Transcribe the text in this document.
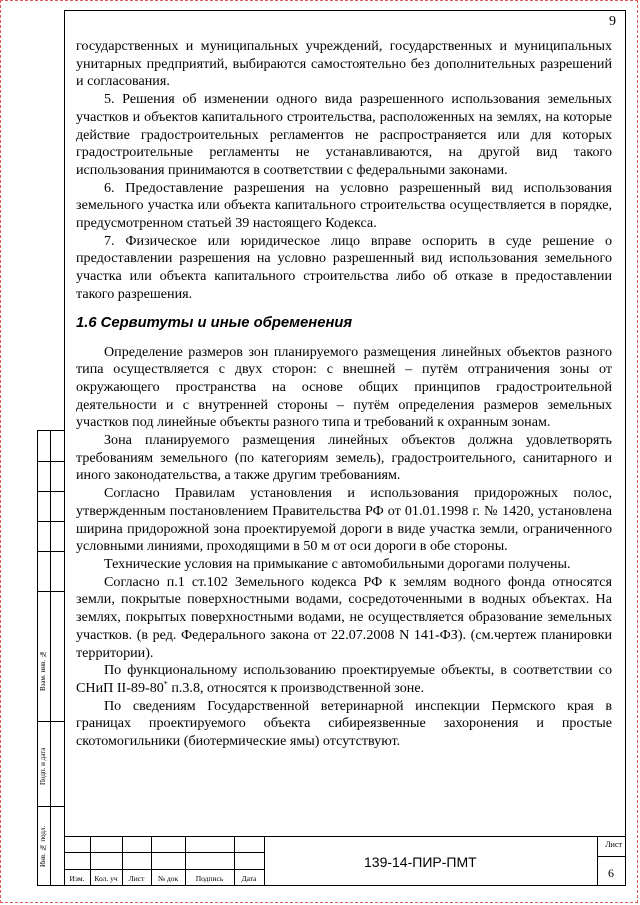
Взам. инв. №
Подп. и дата
Инв. № подл.
9

государственных и муниципальных учреждений, государственных и муниципальных унитарных предприятий, выбираются самостоятельно без дополнительных разрешений и согласования.

5. Решения об изменении одного вида разрешенного использования земельных участков и объектов капитального строительства, расположенных на землях, на которые действие градостроительных регламентов не распространяется или для которых градостроительные регламенты не устанавливаются, на другой вид такого использования принимаются в соответствии с федеральными законами.

6. Предоставление разрешения на условно разрешенный вид использования земельного участка или объекта капитального строительства осуществляется в порядке, предусмотренном статьей 39 настоящего Кодекса.

7. Физическое или юридическое лицо вправе оспорить в суде решение о предоставлении разрешения на условно разрешенный вид использования земельного участка или объекта капитального строительства либо об отказе в предоставлении такого разрешения.

1.6 Сервитуты и иные обременения

Определение размеров зон планируемого размещения линейных объектов разного типа осуществляется с двух сторон: с внешней – путём отграничения зоны от окружающего пространства на основе общих принципов градостроительной деятельности и с внутренней стороны – путём определения размеров земельных участков под линейные объекты разного типа и требований к охранным зонам.

Зона планируемого размещения линейных объектов должна удовлетворять требованиям земельного (по категориям земель), градостроительного, санитарного и иного законодательства, а также другим требованиям.

Согласно Правилам установления и использования придорожных полос, утвержденным постановлением Правительства РФ от 01.01.1998 г. № 1420, установлена ширина придорожной зона проектируемой дороги в виде участка земли, ограниченного условными линиями, проходящими в 50 м от оси дороги в обе стороны.

Технические условия на примыкание с автомобильными дорогами получены.

Согласно п.1 ст.102 Земельного кодекса РФ к землям водного фонда относятся земли, покрытые поверхностными водами, сосредоточенными в водных объектах. На землях, покрытых поверхностными водами, не осуществляется образование земельных участков. (в ред. Федерального закона от 22.07.2008 N 141-ФЗ). (см.чертеж планировки территории).

По функциональному использованию проектируемые объекты, в соответствии со СНиП ІІ-89-80* п.3.8, относятся к производственной зоне.

По сведениям Государственной ветеринарной инспекции Пермского края в границах проектируемого объекта сибиреязвенные захоронения и простые скотомогильники (биотермические ямы) отсутствуют.

Изм.	Кол. уч	Лист	№ док	Подпись	Дата
139-14-ПИР-ПМТ
Лист
6
